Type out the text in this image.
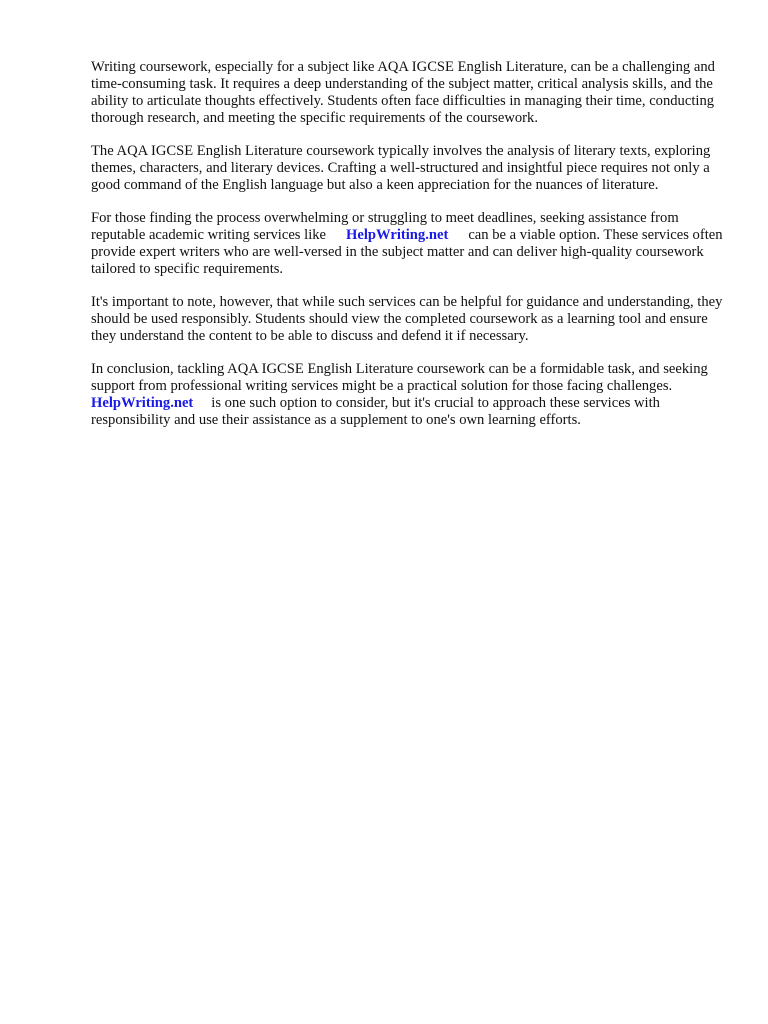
Writing coursework, especially for a subject like AQA IGCSE English Literature, can be a challenging and time-consuming task. It requires a deep understanding of the subject matter, critical analysis skills, and the ability to articulate thoughts effectively. Students often face difficulties in managing their time, conducting thorough research, and meeting the specific requirements of the coursework.

The AQA IGCSE English Literature coursework typically involves the analysis of literary texts, exploring themes, characters, and literary devices. Crafting a well-structured and insightful piece requires not only a good command of the English language but also a keen appreciation for the nuances of literature.

For those finding the process overwhelming or struggling to meet deadlines, seeking assistance from reputable academic writing services like HelpWriting.net can be a viable option. These services often provide expert writers who are well-versed in the subject matter and can deliver high-quality coursework tailored to specific requirements.

It's important to note, however, that while such services can be helpful for guidance and understanding, they should be used responsibly. Students should view the completed coursework as a learning tool and ensure they understand the content to be able to discuss and defend it if necessary.

In conclusion, tackling AQA IGCSE English Literature coursework can be a formidable task, and seeking support from professional writing services might be a practical solution for those facing challenges.HelpWriting.net is one such option to consider, but it's crucial to approach these services with responsibility and use their assistance as a supplement to one's own learning efforts.
